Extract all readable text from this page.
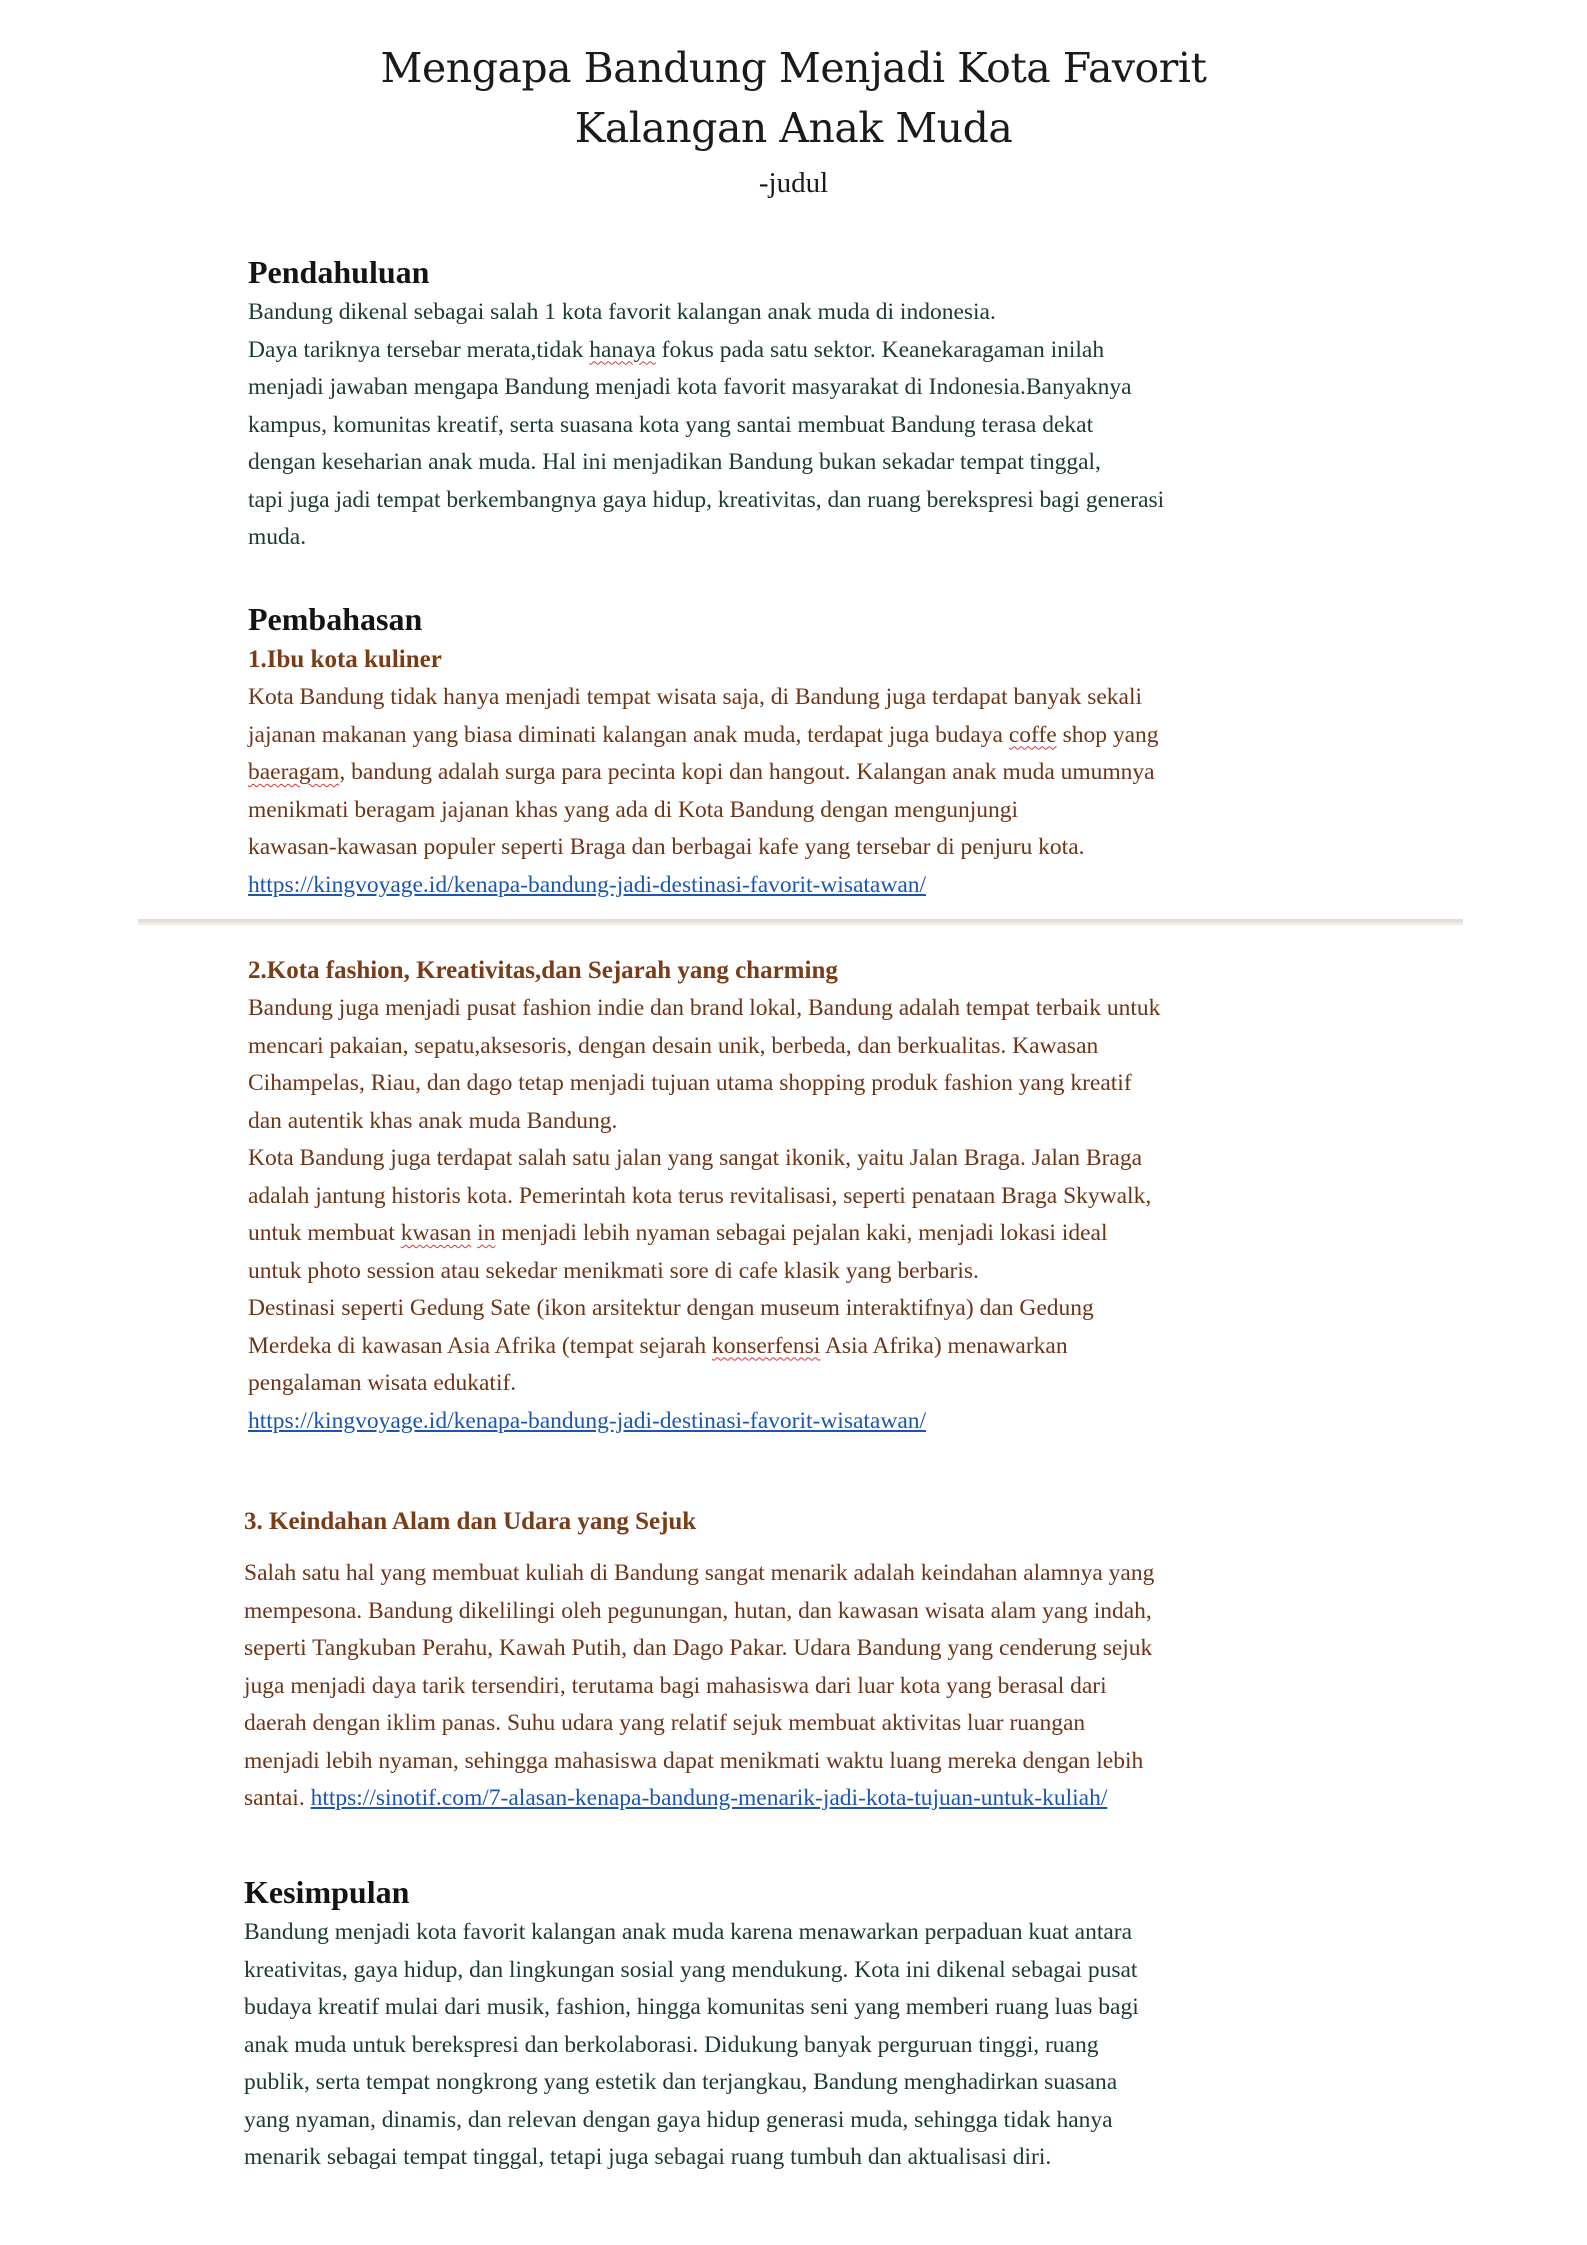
Mengapa Bandung Menjadi Kota Favorit
Kalangan Anak Muda
-judul
Pendahuluan
Bandung dikenal sebagai salah 1 kota favorit kalangan anak muda di indonesia.
Daya tariknya tersebar merata,tidak hanaya fokus pada satu sektor. Keanekaragaman inilah
menjadi jawaban mengapa Bandung menjadi kota favorit masyarakat di Indonesia.Banyaknya
kampus, komunitas kreatif, serta suasana kota yang santai membuat Bandung terasa dekat
dengan keseharian anak muda. Hal ini menjadikan Bandung bukan sekadar tempat tinggal,
tapi juga jadi tempat berkembangnya gaya hidup, kreativitas, dan ruang berekspresi bagi generasi
muda.
Pembahasan
1.Ibu kota kuliner
Kota Bandung tidak hanya menjadi tempat wisata saja, di Bandung juga terdapat banyak sekali
jajanan makanan yang biasa diminati kalangan anak muda, terdapat juga budaya coffe shop yang
baeragam, bandung adalah surga para pecinta kopi dan hangout. Kalangan anak muda umumnya
menikmati beragam jajanan khas yang ada di Kota Bandung dengan mengunjungi
kawasan-kawasan populer seperti Braga dan berbagai kafe yang tersebar di penjuru kota.
https://kingvoyage.id/kenapa-bandung-jadi-destinasi-favorit-wisatawan/
2.Kota fashion, Kreativitas,dan Sejarah yang charming
Bandung juga menjadi pusat fashion indie dan brand lokal, Bandung adalah tempat terbaik untuk
mencari pakaian, sepatu,aksesoris, dengan desain unik, berbeda, dan berkualitas. Kawasan
Cihampelas, Riau, dan dago tetap menjadi tujuan utama shopping produk fashion yang kreatif
dan autentik khas anak muda Bandung.
Kota Bandung juga terdapat salah satu jalan yang sangat ikonik, yaitu Jalan Braga. Jalan Braga
adalah jantung historis kota. Pemerintah kota terus revitalisasi, seperti penataan Braga Skywalk,
untuk membuat kwasan in menjadi lebih nyaman sebagai pejalan kaki, menjadi lokasi ideal
untuk photo session atau sekedar menikmati sore di cafe klasik yang berbaris.
Destinasi seperti Gedung Sate (ikon arsitektur dengan museum interaktifnya) dan Gedung
Merdeka di kawasan Asia Afrika (tempat sejarah konserfensi Asia Afrika) menawarkan
pengalaman wisata edukatif.
https://kingvoyage.id/kenapa-bandung-jadi-destinasi-favorit-wisatawan/
3. Keindahan Alam dan Udara yang Sejuk
Salah satu hal yang membuat kuliah di Bandung sangat menarik adalah keindahan alamnya yang
mempesona. Bandung dikelilingi oleh pegunungan, hutan, dan kawasan wisata alam yang indah,
seperti Tangkuban Perahu, Kawah Putih, dan Dago Pakar. Udara Bandung yang cenderung sejuk
juga menjadi daya tarik tersendiri, terutama bagi mahasiswa dari luar kota yang berasal dari
daerah dengan iklim panas. Suhu udara yang relatif sejuk membuat aktivitas luar ruangan
menjadi lebih nyaman, sehingga mahasiswa dapat menikmati waktu luang mereka dengan lebih
santai. https://sinotif.com/7-alasan-kenapa-bandung-menarik-jadi-kota-tujuan-untuk-kuliah/
Kesimpulan
Bandung menjadi kota favorit kalangan anak muda karena menawarkan perpaduan kuat antara
kreativitas, gaya hidup, dan lingkungan sosial yang mendukung. Kota ini dikenal sebagai pusat
budaya kreatif mulai dari musik, fashion, hingga komunitas seni yang memberi ruang luas bagi
anak muda untuk berekspresi dan berkolaborasi. Didukung banyak perguruan tinggi, ruang
publik, serta tempat nongkrong yang estetik dan terjangkau, Bandung menghadirkan suasana
yang nyaman, dinamis, dan relevan dengan gaya hidup generasi muda, sehingga tidak hanya
menarik sebagai tempat tinggal, tetapi juga sebagai ruang tumbuh dan aktualisasi diri.
